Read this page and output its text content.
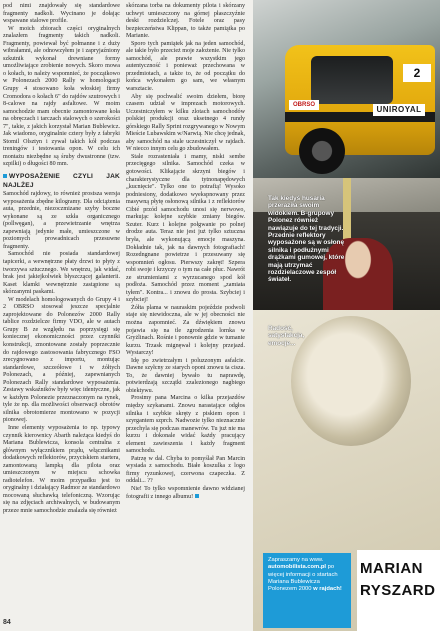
pod nimi znajdowały się standardowe fragmenty nadkoli. Wycinano je dołając wspawane stalowe profile.

W moich zbiorach części oryginalnych znalazłem fragmenty takich nadkoli. Fragmenty, powiewał być połmanne i z duży wibrałamni, ale odnowzyłem je i zapryjaźniony szkutnik wykonał drewniane formy umożliwiające zrobienie nowych. Skoro mowa o kołach, to należy wspomnieć, że początkowo w Polonezach 2000 Rally w homologacji Grupy 4 stosowano koła włoskiej firmy Cromodora o kołach 6" do rajdów szutrowych i 8-calowe na rajdy asfaltowe. W moim samochodzie mam obecnie zamontowane koła na obręczach i tarczach stalowych o szerokości 7", takie, z jakich korzystał Marian Bublewicz. Jak wiadomo, oryginalnie cztery były z fabryki Stomil Olsztyn i zywał takich kół podczas treningów i testowania opon. W celu ich montażu niezbędne są śruby dwustronne (tzw. szpilki) o długości 80 mm.

WYPOSAŻENIE CZYLI JAK NAJLŻEJ

Samochód rajdowy, to również prostsza wersja wyposażenia zbędne kilogramy. Dla odciążenia auta, przednie, niezoczmizane szyby boczne wykonane są ze szkła organicznego (pollwęgan), a przewietrzanie wnętrza zapewniają jedynie małe, umieszczone w poziomych prowadnicach przesuwne fragmenty.

Samochód nie posiada standardowej tapicerki, a wewnętrzne płaty drzwi to płyty z tworzywa sztucznego. We wnętrzu, jak widać, brak jest jakiejkolwiek błyszczącej galanterii. Kaset klamki wewnętrznie zastąpione są skórzanymi paskami.

W modelach homologowanych do Grupy 4 i 2 OBRSO stosował jeszcze specjalnie zaprojektowane do Polonezów 2000 Rally tablice rozdzielcze firmy VDO, ale w autach Grupy B ze względu na poprzysięgi się koniecznej ekonomiczności przez czynniki konstrukcji, zmontowane zostały poprzecznie do rajdowego zastosowania fabrycznego FSO zrecygnowano z importu, montując standardowe, szczeółowe i w żółtych Polonezach, a później, zapewnianych Polonezach Rally standardowe wyposażenia. Zestawy wskaźników były więc identyczne, jak w każdym Polonezie przeznaczonym na rynek, tyle że np. dla możliwości obserwacji obrotów silnika obrotomierze montowano w pozycji pionowej.

Inne elementy wyposażenia to np. typowy czynnik kierownicy Abarth należąca kiedyś do Mariana Bublewicza, konsola centralna z głównym wyłącznikiem prądu, włącznikami dodatkowych reflektorów, przyciskiem startera, zamontowaną lampką dla pilota oraz umieszczonym w miejscu schowka radiotelefon. W moim przypadku jest to oryginalny i działający Radmor ze standardowo mocowaną słuchawką telefoniczną. Wzorując się na zdjęciach archiwalnych, w budowanym przeze mnie samochodzie znalazła się również

skórzana torba na dokumenty pilota i skórzany uchwyt umieszczony na górnej płaszczyźnie deski rozdzielczej. Fotele oraz pasy bezpieczeństwa Klippan, to także pamiątka po Marianie.

Sporo tych pamiątek jak na jeden samochód, ale takie było przecież moje założenie. Nie tylko samochód, ale prawie wszystkim jego autentyczność i ponieważ przechowana w przedmiotach, a także to, że od początku do końca wykonałem go sam, we własnym warsztacie.

Aby się pochwalić swoim dziełem, biorę czasem udział w imprezach motorowych. Uczestniczyłem w kilku zlotach samochodów polskiej produkcji oraz uksetnego 4 rundy górskiego Rally Sprint rozgrywanego w Nowym Mieście Lubawskim w/Narwią. Nie chcę jednak, aby samochód na stale uczestniczył w rajdach. W niecco innym celu go zbudowałem.

Stale rozrasteniała i mamy, niski sembe przecięgego silnika. Samochód czeka w gotowości. Klikającie skrzyni biegów i charakterystyczne dla tytnonapędowych „kucnięcie". Tylko one to potrafią! Wysoko podniesiony, dodatkowo wyekspnowany przez masywną płytę osłonową silnika i z reflektorów Cibié przód samochodu unosi się nerwowo, markując kolejne szybkie zmiany biegów. Szuter. Kurz i kolejne połgwanie po polnej drodze auta. Teraz nie jest już tylko sztuczna bryła, ale wykonującą emocje maszyna. Dokładnie tak, jak na dawnych fotografiach! Rozedngnane powietrze i przesuwany się wspomnień ogłosu. Pierwszy zakręt! Szpera robi swoje i krzyczy o tym na całe płuc. Nawrót ze strumieniami z wyrzucanego spod kół podłoża. Samochód przez moment „zamiata tyłem". Kontra... i znowu do prosta. Szybciej i szybciej!

Żółta plama w nauraskim pojeździe podwoli staje się niewidoczna, ale w jej obecności nie można zapomnieć. Za dźwiękiem znowu pojawia się na tle zgrodzenia lornka w Gryżlinach. Rośnie i ponownie gdzie w tumanie kurzu. Trzask mignęwał i kolejny przejazd. Wystarczy!

Idę po zwietrzałym i poluzzonym asfalcie. Dawne szyłcny ze starych oponi znowu ta cisza. To, że dawniej bywało tu naprawdę, potwierdzają szczątki zzalezionego nagbiego obiektywu.

Prosimy pana Marcina o kilka przejazdów między szykanami. Znowu narastające odgłos silnika i szybkie skręty z piskiem opon i szyrgantem szprch. Nadwozie tylko nieznacznie przechyla się podczas manewrów. Tu już nie ma kurzu i dokonale widać każdy pracujący element zawieszenia i każdy fragment samochodu.

Patrzę w dal. Chyba to pomyślał Pan Marcin wysiada z samochodu. Białe koszulka z logo firmy ryzunkowej, czerwona czapeczka. Z oddali... ??

Nie! To tylko wspomnienie dawno widzianej fotografii z innego albumu!

84
2
UNIROYAL
OBRSO
MARIAN
RYSZARD
Tak kiedyś husaria przeraziła swoim widokiem. B-grupowy Polonez również nawiązuje do tej tradycji. Przednie reflektory wyposażone są w osłonę silnika i podłużnymi drążkami gumowej, które mają utrzymać rozdzielaczowe zespół świateł.
Radość, satysfakcja, emocje...
Zapraszamy na www. automobilista.com.pl po więcej informacji o startach Mariana Bublewicza Polonezem 2000 w rajdach!
